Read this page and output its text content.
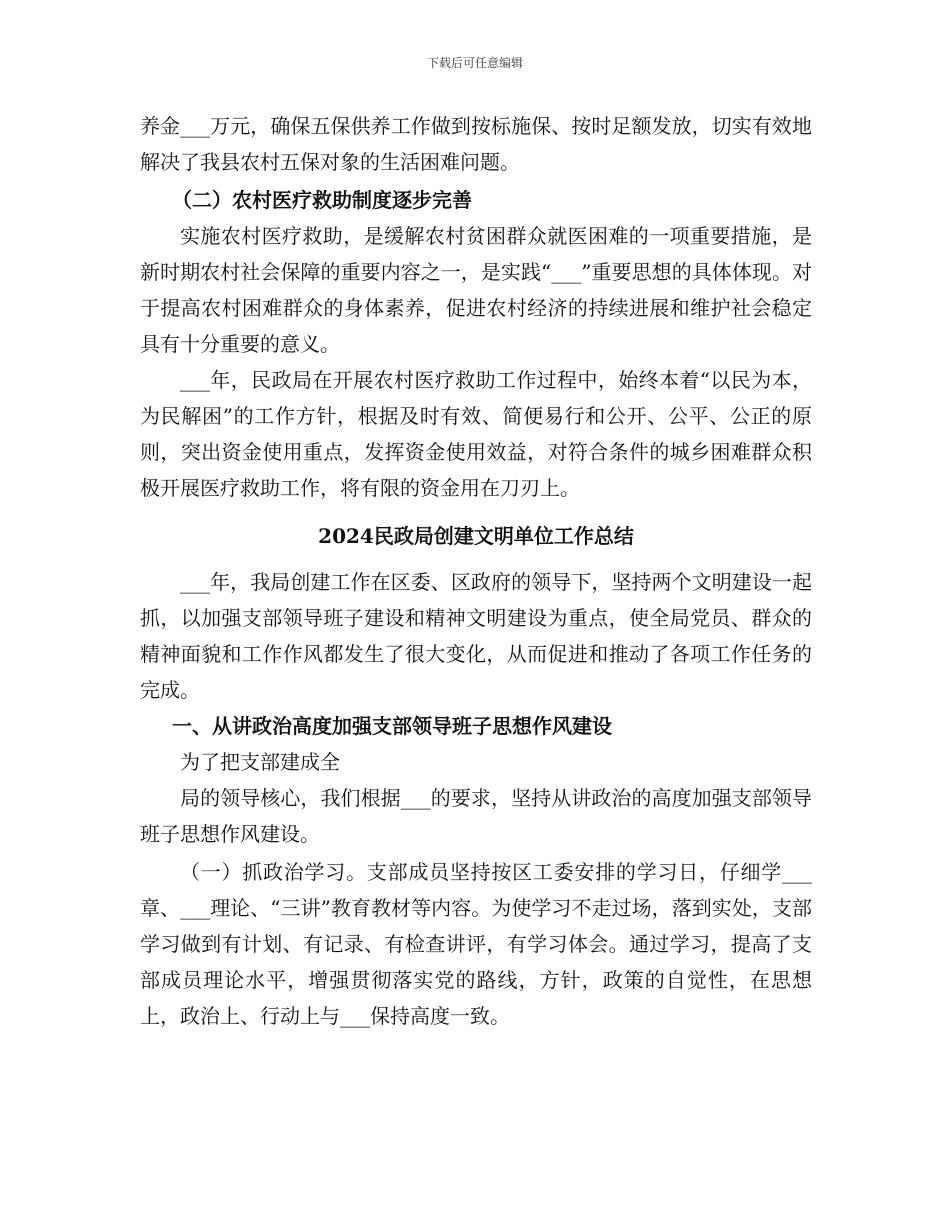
下载后可任意编辑

养金___万元，确保五保供养工作做到按标施保、按时足额发放，切实有效地解决了我县农村五保对象的生活困难问题。

（二）农村医疗救助制度逐步完善

实施农村医疗救助，是缓解农村贫困群众就医困难的一项重要措施，是新时期农村社会保障的重要内容之一，是实践“___”重要思想的具体体现。对于提高农村困难群众的身体素养，促进农村经济的持续进展和维护社会稳定具有十分重要的意义。

___年，民政局在开展农村医疗救助工作过程中，始终本着“以民为本，为民解困”的工作方针，根据及时有效、简便易行和公开、公平、公正的原则，突出资金使用重点，发挥资金使用效益，对符合条件的城乡困难群众积极开展医疗救助工作，将有限的资金用在刀刃上。

2024民政局创建文明单位工作总结

___年，我局创建工作在区委、区政府的领导下，坚持两个文明建设一起抓，以加强支部领导班子建设和精神文明建设为重点，使全局党员、群众的精神面貌和工作作风都发生了很大变化，从而促进和推动了各项工作任务的完成。

一、从讲政治高度加强支部领导班子思想作风建设

为了把支部建成全

局的领导核心，我们根据___的要求，坚持从讲政治的高度加强支部领导班子思想作风建设。

（一）抓政治学习。支部成员坚持按区工委安排的学习日，仔细学___章、___理论、“三讲”教育教材等内容。为使学习不走过场，落到实处，支部学习做到有计划、有记录、有检查讲评，有学习体会。通过学习，提高了支部成员理论水平，增强贯彻落实党的路线，方针，政策的自觉性，在思想上，政治上、行动上与___保持高度一致。
